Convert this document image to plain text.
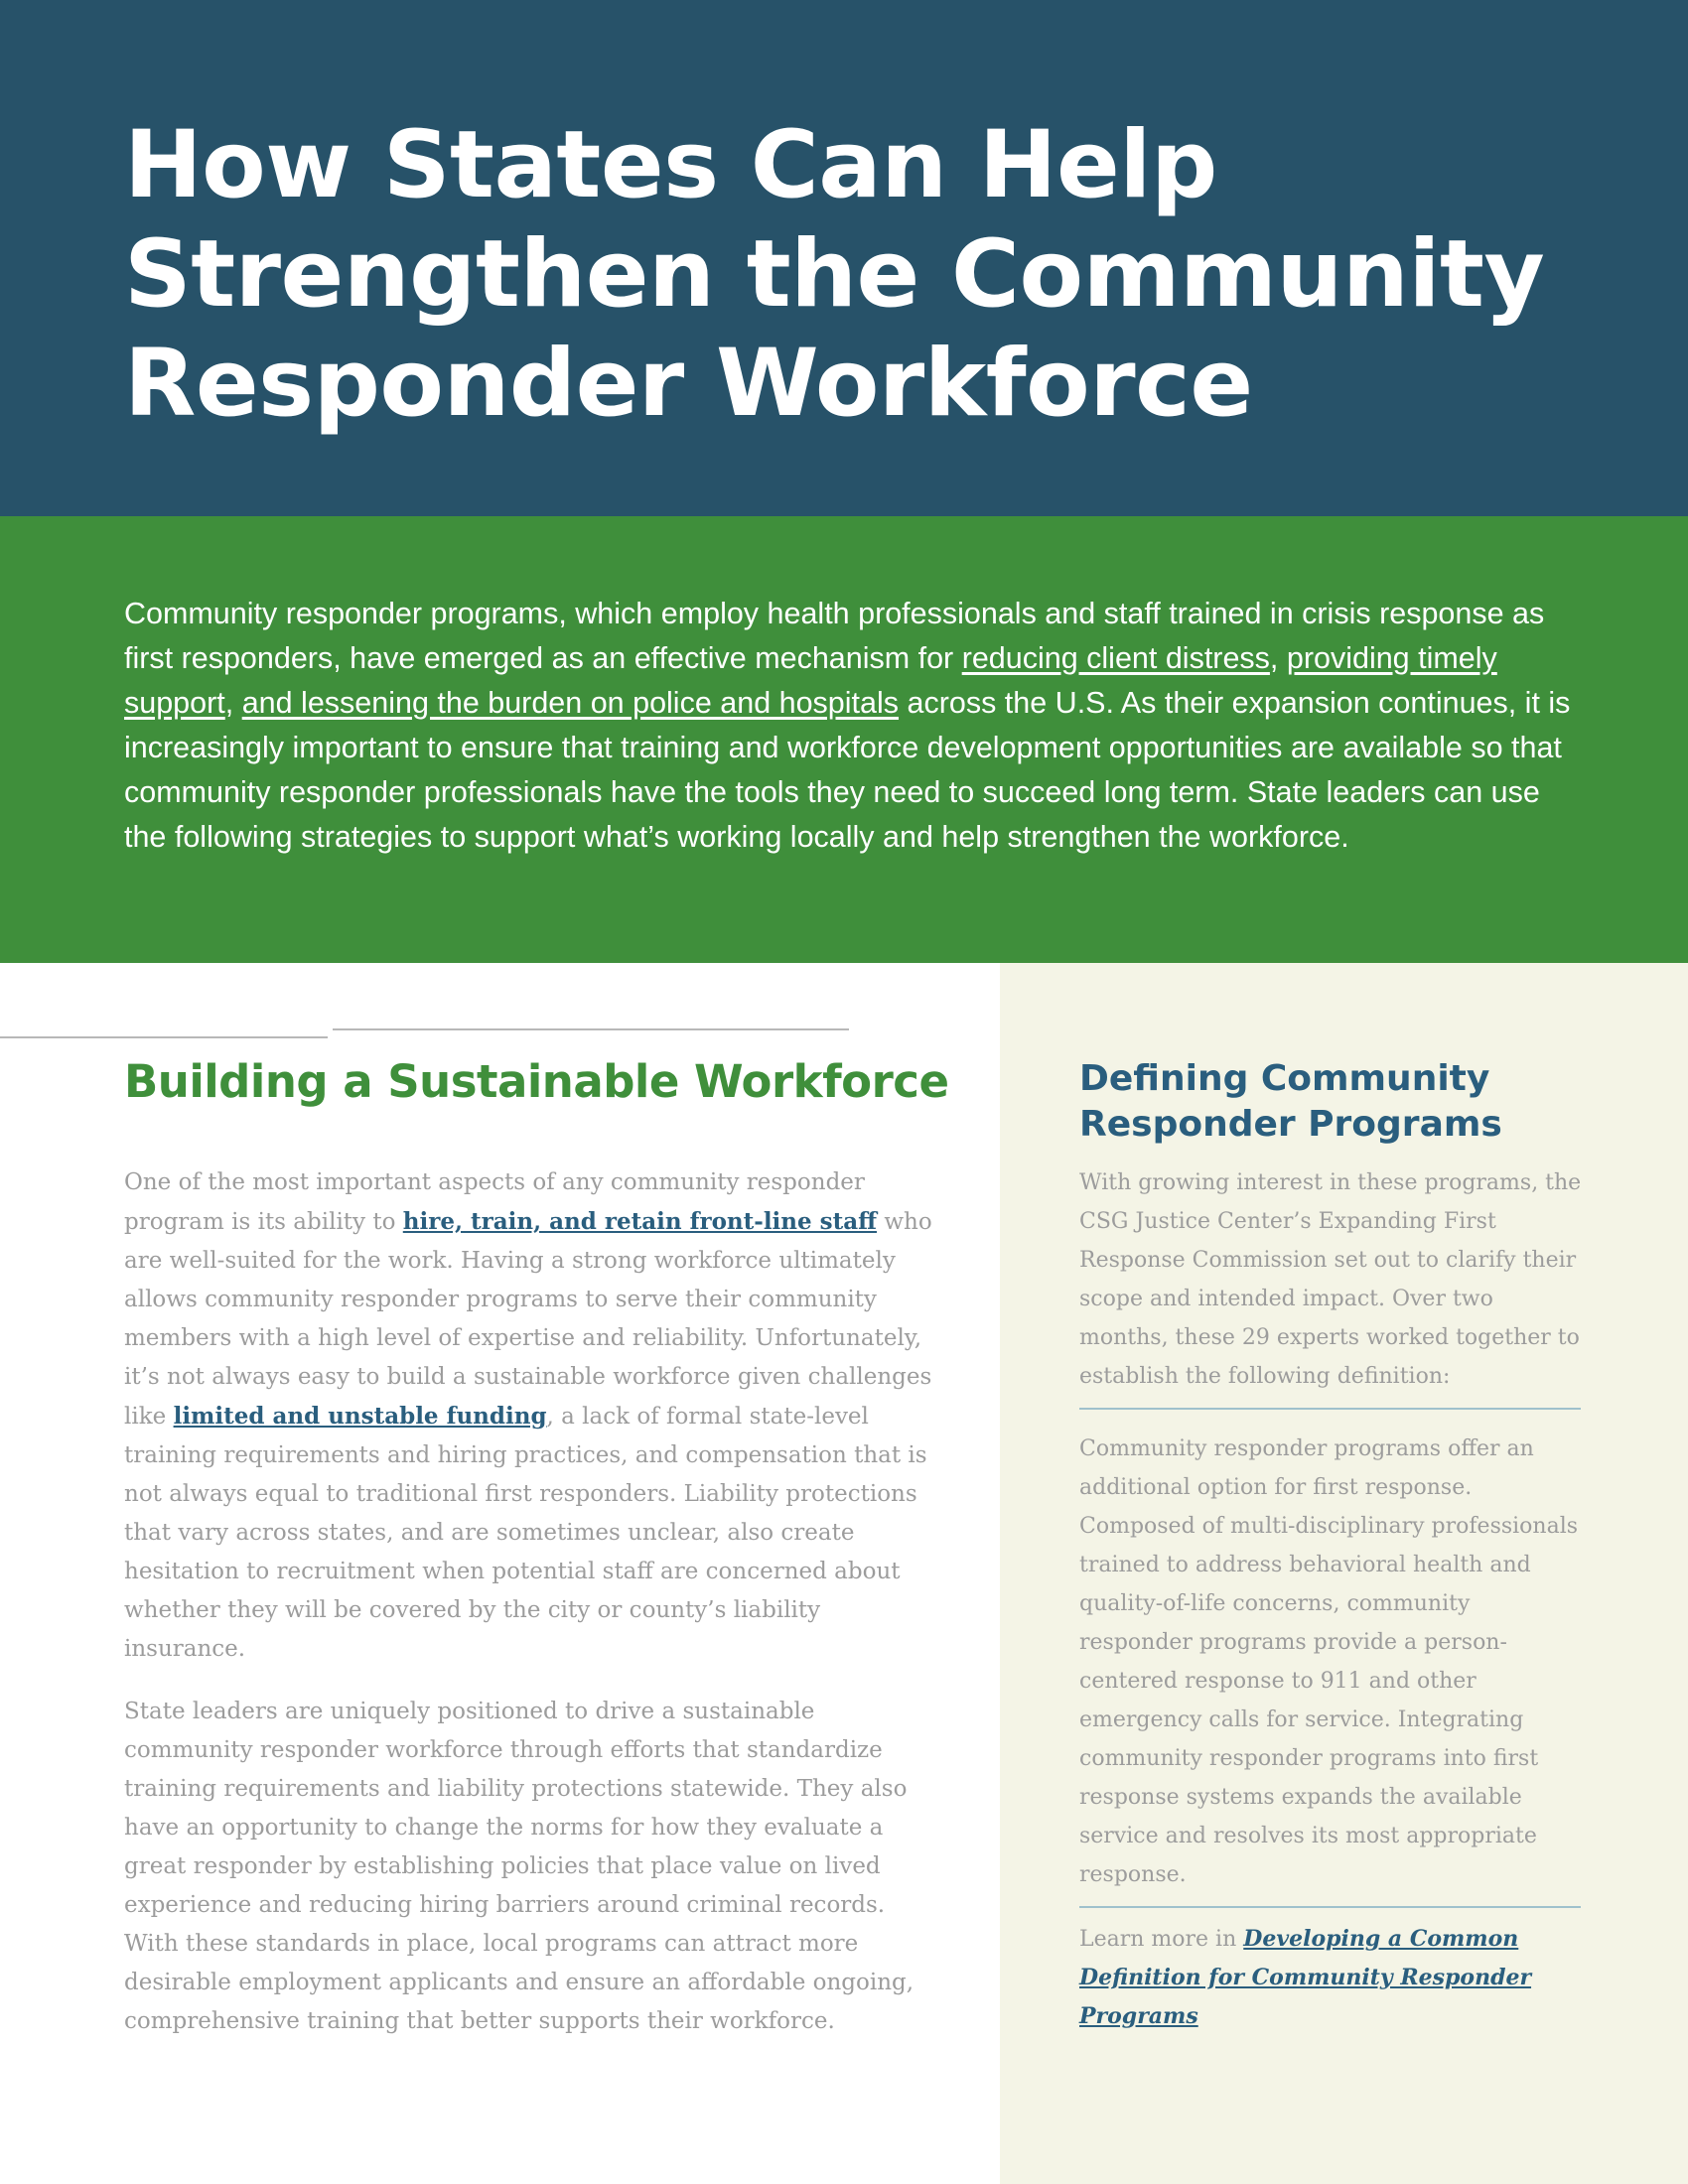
How States Can Help
Strengthen the Community
Responder Workforce

Community responder programs, which employ health professionals and staff trained in crisis response as first responders, have emerged as an effective mechanism for reducing client distress, providing timely support, and lessening the burden on police and hospitals across the U.S. As their expansion continues, it is increasingly important to ensure that training and workforce development opportunities are available so that community responder professionals have the tools they need to succeed long term. State leaders can use the following strategies to support what’s working locally and help strengthen the workforce.

Building a Sustainable Workforce

One of the most important aspects of any community responder program is its ability to hire, train, and retain front-line staff who are well-suited for the work. Having a strong workforce ultimately allows community responder programs to serve their community members with a high level of expertise and reliability. Unfortunately, it’s not always easy to build a sustainable workforce given challenges like limited and unstable funding, a lack of formal state-level training requirements and hiring practices, and compensation that is not always equal to traditional first responders. Liability protections that vary across states, and are sometimes unclear, also create hesitation to recruitment when potential staff are concerned about whether they will be covered by the city or county’s liability insurance.

State leaders are uniquely positioned to drive a sustainable community responder workforce through efforts that standardize training requirements and liability protections statewide. They also have an opportunity to change the norms for how they evaluate a great responder by establishing policies that place value on lived experience and reducing hiring barriers around criminal records. With these standards in place, local programs can attract more desirable employment applicants and ensure an affordable ongoing, comprehensive training that better supports their workforce.

Defining Community
Responder Programs

With growing interest in these programs, the CSG Justice Center’s Expanding First Response Commission set out to clarify their scope and intended impact. Over two months, these 29 experts worked together to establish the following definition:

Community responder programs offer an additional option for first response. Composed of multi-disciplinary professionals trained to address behavioral health and quality-of-life concerns, community responder programs provide a person-centered response to 911 and other emergency calls for service. Integrating community responder programs into first response systems expands the available service and resolves its most appropriate response.

Learn more in Developing a Common Definition for Community Responder Programs
